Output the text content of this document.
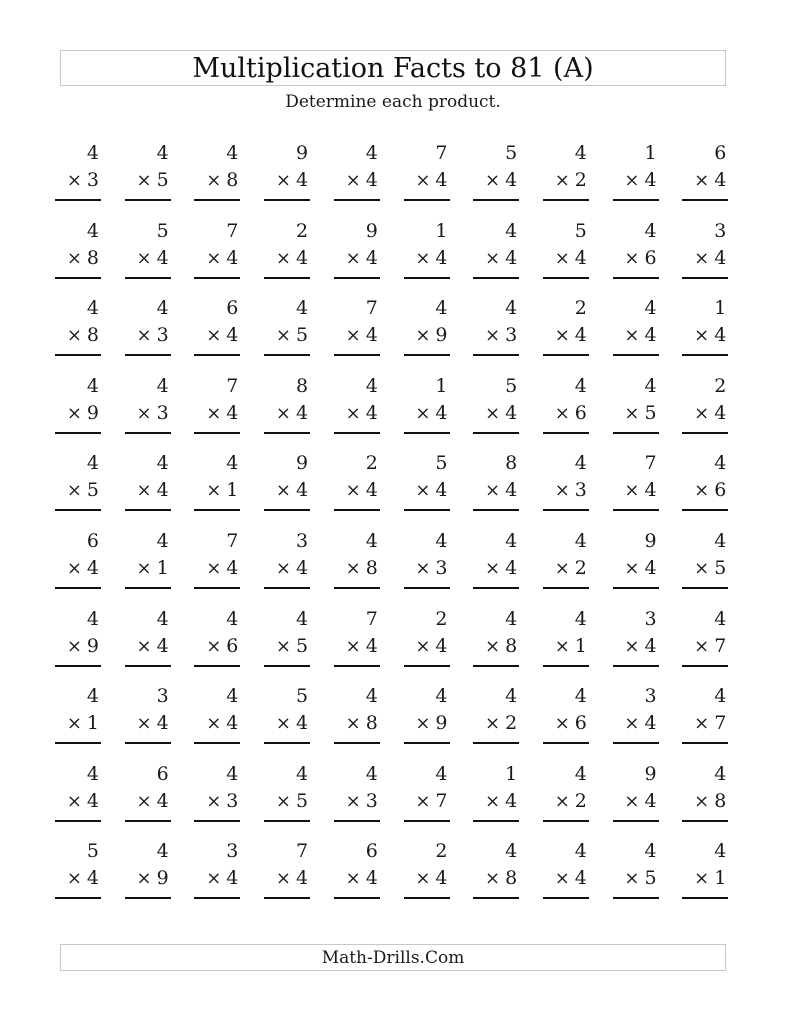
Multiplication Facts to 81 (A)
Determine each product.
4
× 3
4
× 5
4
× 8
9
× 4
4
× 4
7
× 4
5
× 4
4
× 2
1
× 4
6
× 4
4
× 8
5
× 4
7
× 4
2
× 4
9
× 4
1
× 4
4
× 4
5
× 4
4
× 6
3
× 4
4
× 8
4
× 3
6
× 4
4
× 5
7
× 4
4
× 9
4
× 3
2
× 4
4
× 4
1
× 4
4
× 9
4
× 3
7
× 4
8
× 4
4
× 4
1
× 4
5
× 4
4
× 6
4
× 5
2
× 4
4
× 5
4
× 4
4
× 1
9
× 4
2
× 4
5
× 4
8
× 4
4
× 3
7
× 4
4
× 6
6
× 4
4
× 1
7
× 4
3
× 4
4
× 8
4
× 3
4
× 4
4
× 2
9
× 4
4
× 5
4
× 9
4
× 4
4
× 6
4
× 5
7
× 4
2
× 4
4
× 8
4
× 1
3
× 4
4
× 7
4
× 1
3
× 4
4
× 4
5
× 4
4
× 8
4
× 9
4
× 2
4
× 6
3
× 4
4
× 7
4
× 4
6
× 4
4
× 3
4
× 5
4
× 3
4
× 7
1
× 4
4
× 2
9
× 4
4
× 8
5
× 4
4
× 9
3
× 4
7
× 4
6
× 4
2
× 4
4
× 8
4
× 4
4
× 5
4
× 1
Math-Drills.Com
